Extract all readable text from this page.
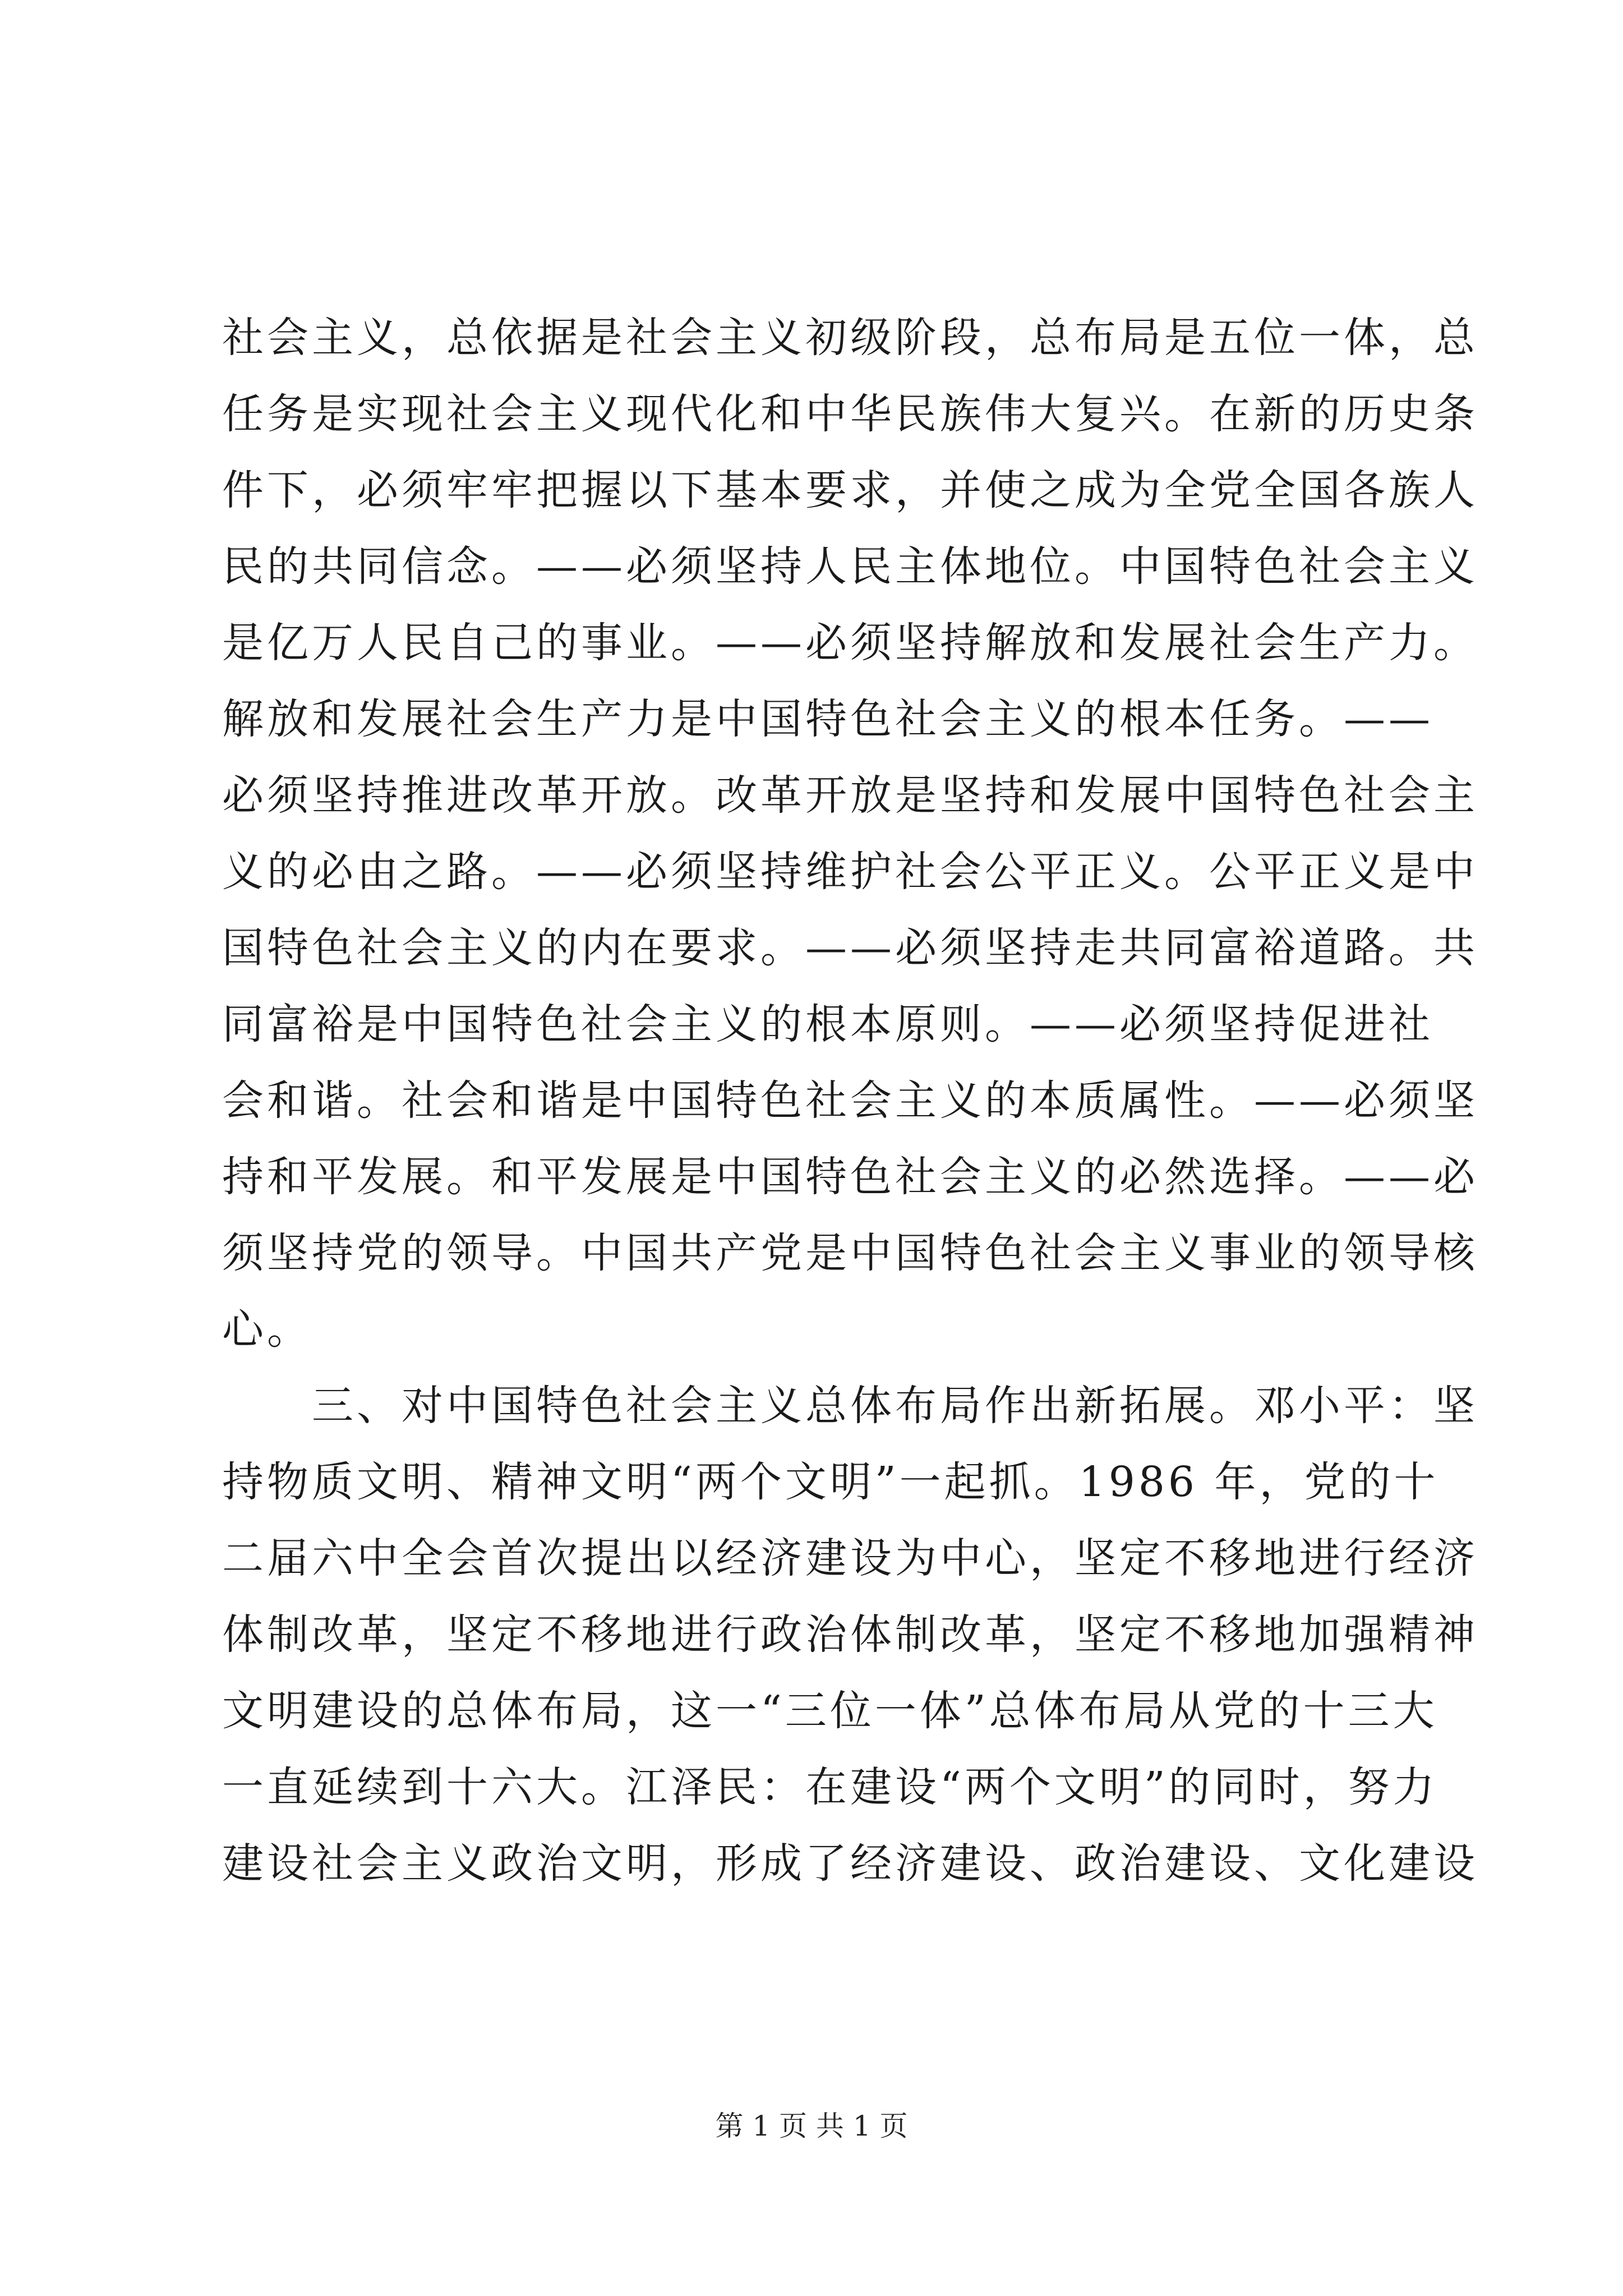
社会主义，总依据是社会主义初级阶段，总布局是五位一体，总
任务是实现社会主义现代化和中华民族伟大复兴。在新的历史条
件下，必须牢牢把握以下基本要求，并使之成为全党全国各族人
民的共同信念。——必须坚持人民主体地位。中国特色社会主义
是亿万人民自己的事业。——必须坚持解放和发展社会生产力。
解放和发展社会生产力是中国特色社会主义的根本任务。——
必须坚持推进改革开放。改革开放是坚持和发展中国特色社会主
义的必由之路。——必须坚持维护社会公平正义。公平正义是中
国特色社会主义的内在要求。——必须坚持走共同富裕道路。共
同富裕是中国特色社会主义的根本原则。——必须坚持促进社
会和谐。社会和谐是中国特色社会主义的本质属性。——必须坚
持和平发展。和平发展是中国特色社会主义的必然选择。——必
须坚持党的领导。中国共产党是中国特色社会主义事业的领导核
心。
　　三、对中国特色社会主义总体布局作出新拓展。邓小平：坚
持物质文明、精神文明“两个文明”一起抓。1986 年，党的十
二届六中全会首次提出以经济建设为中心，坚定不移地进行经济
体制改革，坚定不移地进行政治体制改革，坚定不移地加强精神
文明建设的总体布局，这一“三位一体”总体布局从党的十三大
一直延续到十六大。江泽民：在建设“两个文明”的同时，努力
建设社会主义政治文明，形成了经济建设、政治建设、文化建设
第 1 页 共 1 页
